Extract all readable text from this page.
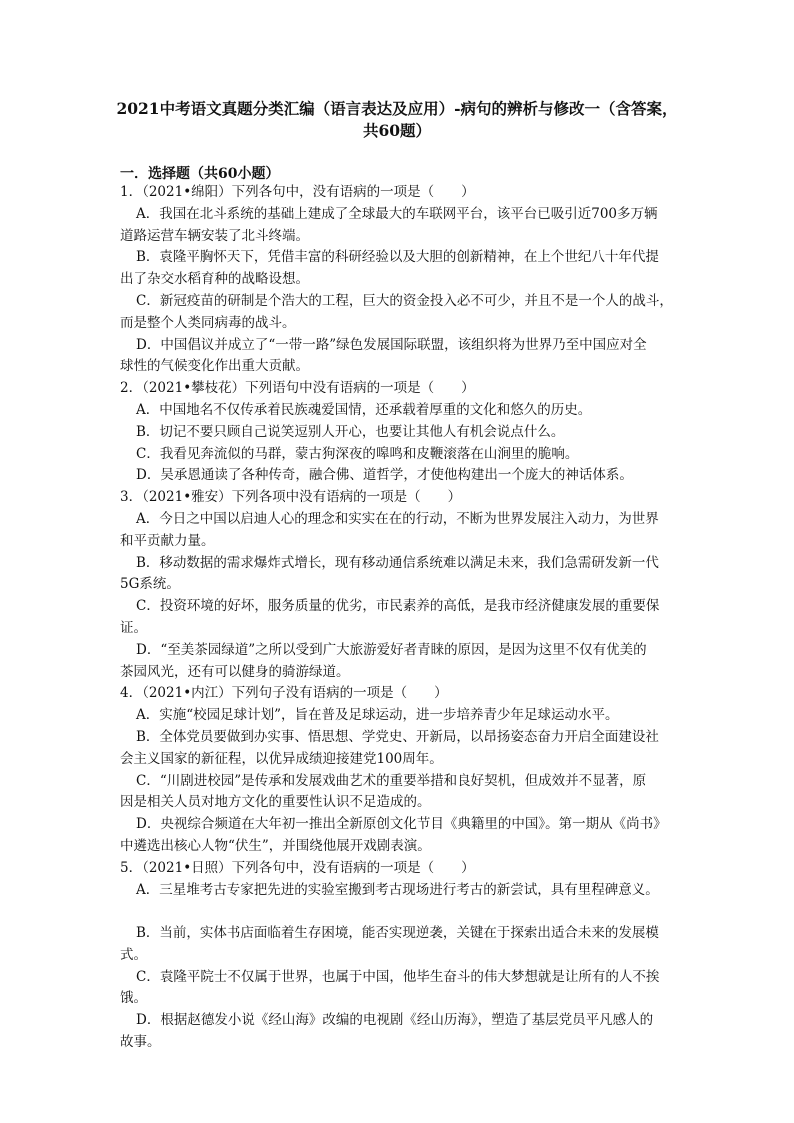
2021中考语文真题分类汇编（语言表达及应用）-病句的辨析与修改一（含答案，
共60题）
一．选择题（共60小题）
1．（2021•绵阳）下列各句中，没有语病的一项是（　　）
A．我国在北斗系统的基础上建成了全球最大的车联网平台，该平台已吸引近700多万辆
道路运营车辆安装了北斗终端。
B．袁隆平胸怀天下，凭借丰富的科研经验以及大胆的创新精神，在上个世纪八十年代提
出了杂交水稻育种的战略设想。
C．新冠疫苗的研制是个浩大的工程，巨大的资金投入必不可少，并且不是一个人的战斗，
而是整个人类同病毒的战斗。
D．中国倡议并成立了“一带一路”绿色发展国际联盟，该组织将为世界乃至中国应对全
球性的气候变化作出重大贡献。
2．（2021•攀枝花）下列语句中没有语病的一项是（　　）
A．中国地名不仅传承着民族魂爱国情，还承载着厚重的文化和悠久的历史。
B．切记不要只顾自己说笑逗别人开心，也要让其他人有机会说点什么。
C．我看见奔流似的马群，蒙古狗深夜的嗥鸣和皮鞭滚落在山涧里的脆响。
D．吴承恩通读了各种传奇，融合佛、道哲学，才使他构建出一个庞大的神话体系。
3．（2021•雅安）下列各项中没有语病的一项是（　　）
A．今日之中国以启迪人心的理念和实实在在的行动，不断为世界发展注入动力，为世界
和平贡献力量。
B．移动数据的需求爆炸式增长，现有移动通信系统难以满足未来，我们急需研发新一代
5G系统。
C．投资环境的好坏，服务质量的优劣，市民素养的高低，是我市经济健康发展的重要保
证。
D．“至美茶园绿道”之所以受到广大旅游爱好者青睐的原因，是因为这里不仅有优美的
茶园风光，还有可以健身的骑游绿道。
4．（2021•内江）下列句子没有语病的一项是（　　）
A．实施“校园足球计划”，旨在普及足球运动，进一步培养青少年足球运动水平。
B．全体党员要做到办实事、悟思想、学党史、开新局，以昂扬姿态奋力开启全面建设社
会主义国家的新征程，以优异成绩迎接建党100周年。
C．“川剧进校园”是传承和发展戏曲艺术的重要举措和良好契机，但成效并不显著，原
因是相关人员对地方文化的重要性认识不足造成的。
D．央视综合频道在大年初一推出全新原创文化节目《典籍里的中国》。第一期从《尚书》
中遴选出核心人物“伏生”，并围绕他展开戏剧表演。
5．（2021•日照）下列各句中，没有语病的一项是（　　）
A．三星堆考古专家把先进的实验室搬到考古现场进行考古的新尝试，具有里程碑意义。
B．当前，实体书店面临着生存困境，能否实现逆袭，关键在于探索出适合未来的发展模
式。
C．袁隆平院士不仅属于世界，也属于中国，他毕生奋斗的伟大梦想就是让所有的人不挨
饿。
D．根据赵德发小说《经山海》改编的电视剧《经山历海》，塑造了基层党员平凡感人的
故事。
